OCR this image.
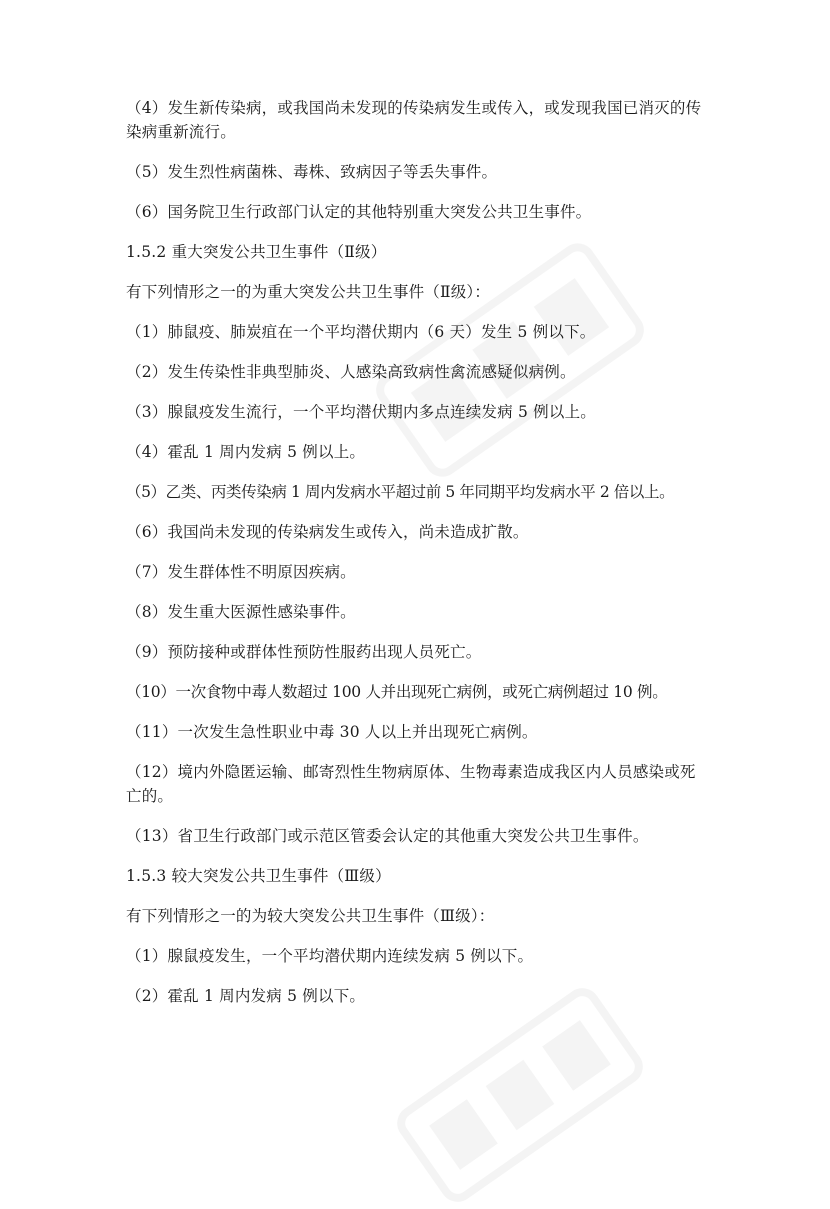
（4）发生新传染病，或我国尚未发现的传染病发生或传入，或发现我国已消灭的传染病重新流行。

（5）发生烈性病菌株、毒株、致病因子等丢失事件。

（6）国务院卫生行政部门认定的其他特别重大突发公共卫生事件。

1.5.2 重大突发公共卫生事件（Ⅱ级）

有下列情形之一的为重大突发公共卫生事件（Ⅱ级）：

（1）肺鼠疫、肺炭疽在一个平均潜伏期内（6 天）发生 5 例以下。

（2）发生传染性非典型肺炎、人感染高致病性禽流感疑似病例。

（3）腺鼠疫发生流行，一个平均潜伏期内多点连续发病 5 例以上。

（4）霍乱 1 周内发病 5 例以上。

（5）乙类、丙类传染病 1 周内发病水平超过前 5 年同期平均发病水平 2 倍以上。

（6）我国尚未发现的传染病发生或传入，尚未造成扩散。

（7）发生群体性不明原因疾病。

（8）发生重大医源性感染事件。

（9）预防接种或群体性预防性服药出现人员死亡。

（10）一次食物中毒人数超过 100 人并出现死亡病例，或死亡病例超过 10 例。

（11）一次发生急性职业中毒 30 人以上并出现死亡病例。

（12）境内外隐匿运输、邮寄烈性生物病原体、生物毒素造成我区内人员感染或死亡的。

（13）省卫生行政部门或示范区管委会认定的其他重大突发公共卫生事件。

1.5.3 较大突发公共卫生事件（Ⅲ级）

有下列情形之一的为较大突发公共卫生事件（Ⅲ级）：

（1）腺鼠疫发生，一个平均潜伏期内连续发病 5 例以下。

（2）霍乱 1 周内发病 5 例以下。
